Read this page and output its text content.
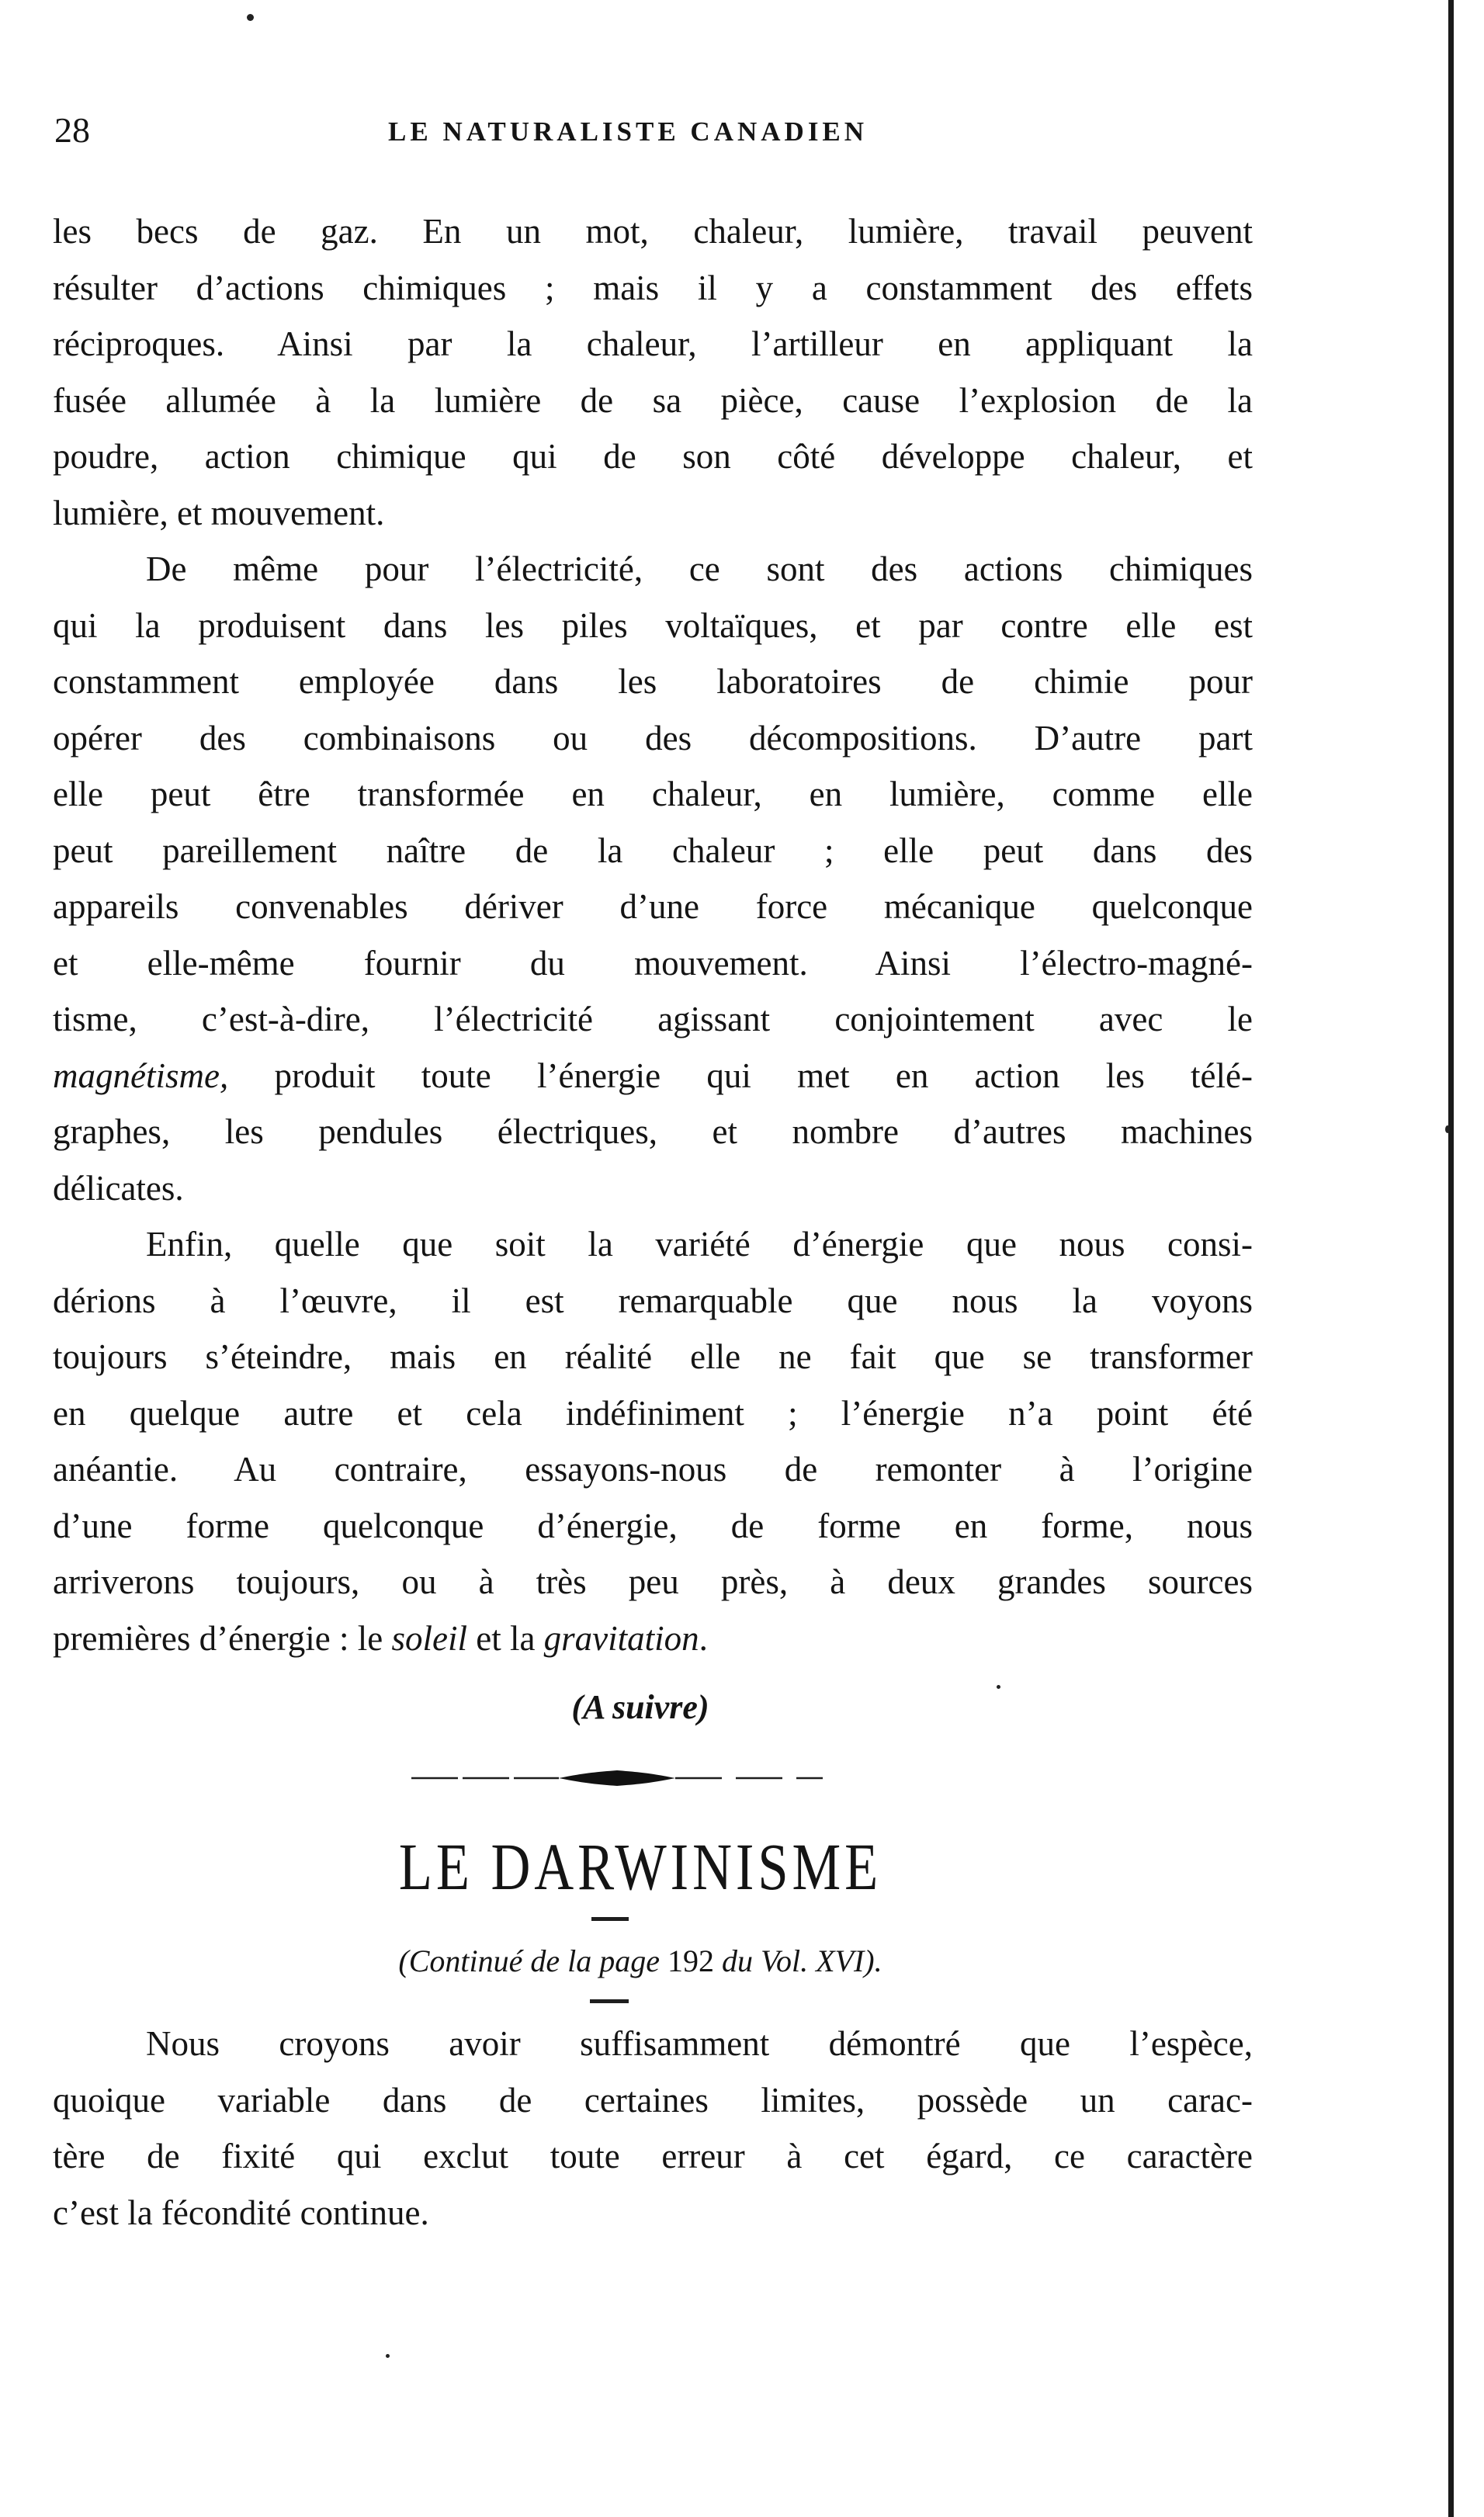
28	LE NATURALISTE CANADIEN
les becs de gaz. En un mot, chaleur, lumière, travail peuvent
résulter d’actions chimiques ; mais il y a constamment des effets
réciproques. Ainsi par la chaleur, l’artilleur en appliquant la
fusée allumée à la lumière de sa pièce, cause l’explosion de la
poudre, action chimique qui de son côté développe chaleur, et
lumière, et mouvement.
De même pour l’électricité, ce sont des actions chimiques
qui la produisent dans les piles voltaïques, et par contre elle est
constamment employée dans les laboratoires de chimie pour
opérer des combinaisons ou des décompositions. D’autre part
elle peut être transformée en chaleur, en lumière, comme elle
peut pareillement naître de la chaleur ; elle peut dans des
appareils convenables dériver d’une force mécanique quelconque
et elle-même fournir du mouvement. Ainsi l’électro-magné-
tisme, c’est-à-dire, l’électricité agissant conjointement avec le
magnétisme, produit toute l’énergie qui met en action les télé-
graphes, les pendules électriques, et nombre d’autres machines
délicates.
Enfin, quelle que soit la variété d’énergie que nous consi-
dérions à l’œuvre, il est remarquable que nous la voyons
toujours s’éteindre, mais en réalité elle ne fait que se transformer
en quelque autre et cela indéfiniment ; l’énergie n’a point été
anéantie. Au contraire, essayons-nous de remonter à l’origine
d’une forme quelconque d’énergie, de forme en forme, nous
arriverons toujours, ou à très peu près, à deux grandes sources
premières d’énergie : le soleil et la gravitation.
(A suivre)
LE DARWINISME
(Continué de la page 192 du Vol. XVI).
Nous croyons avoir suffisamment démontré que l’espèce,
quoique variable dans de certaines limites, possède un carac-
tère de fixité qui exclut toute erreur à cet égard, ce caractère
c’est la fécondité continue.
